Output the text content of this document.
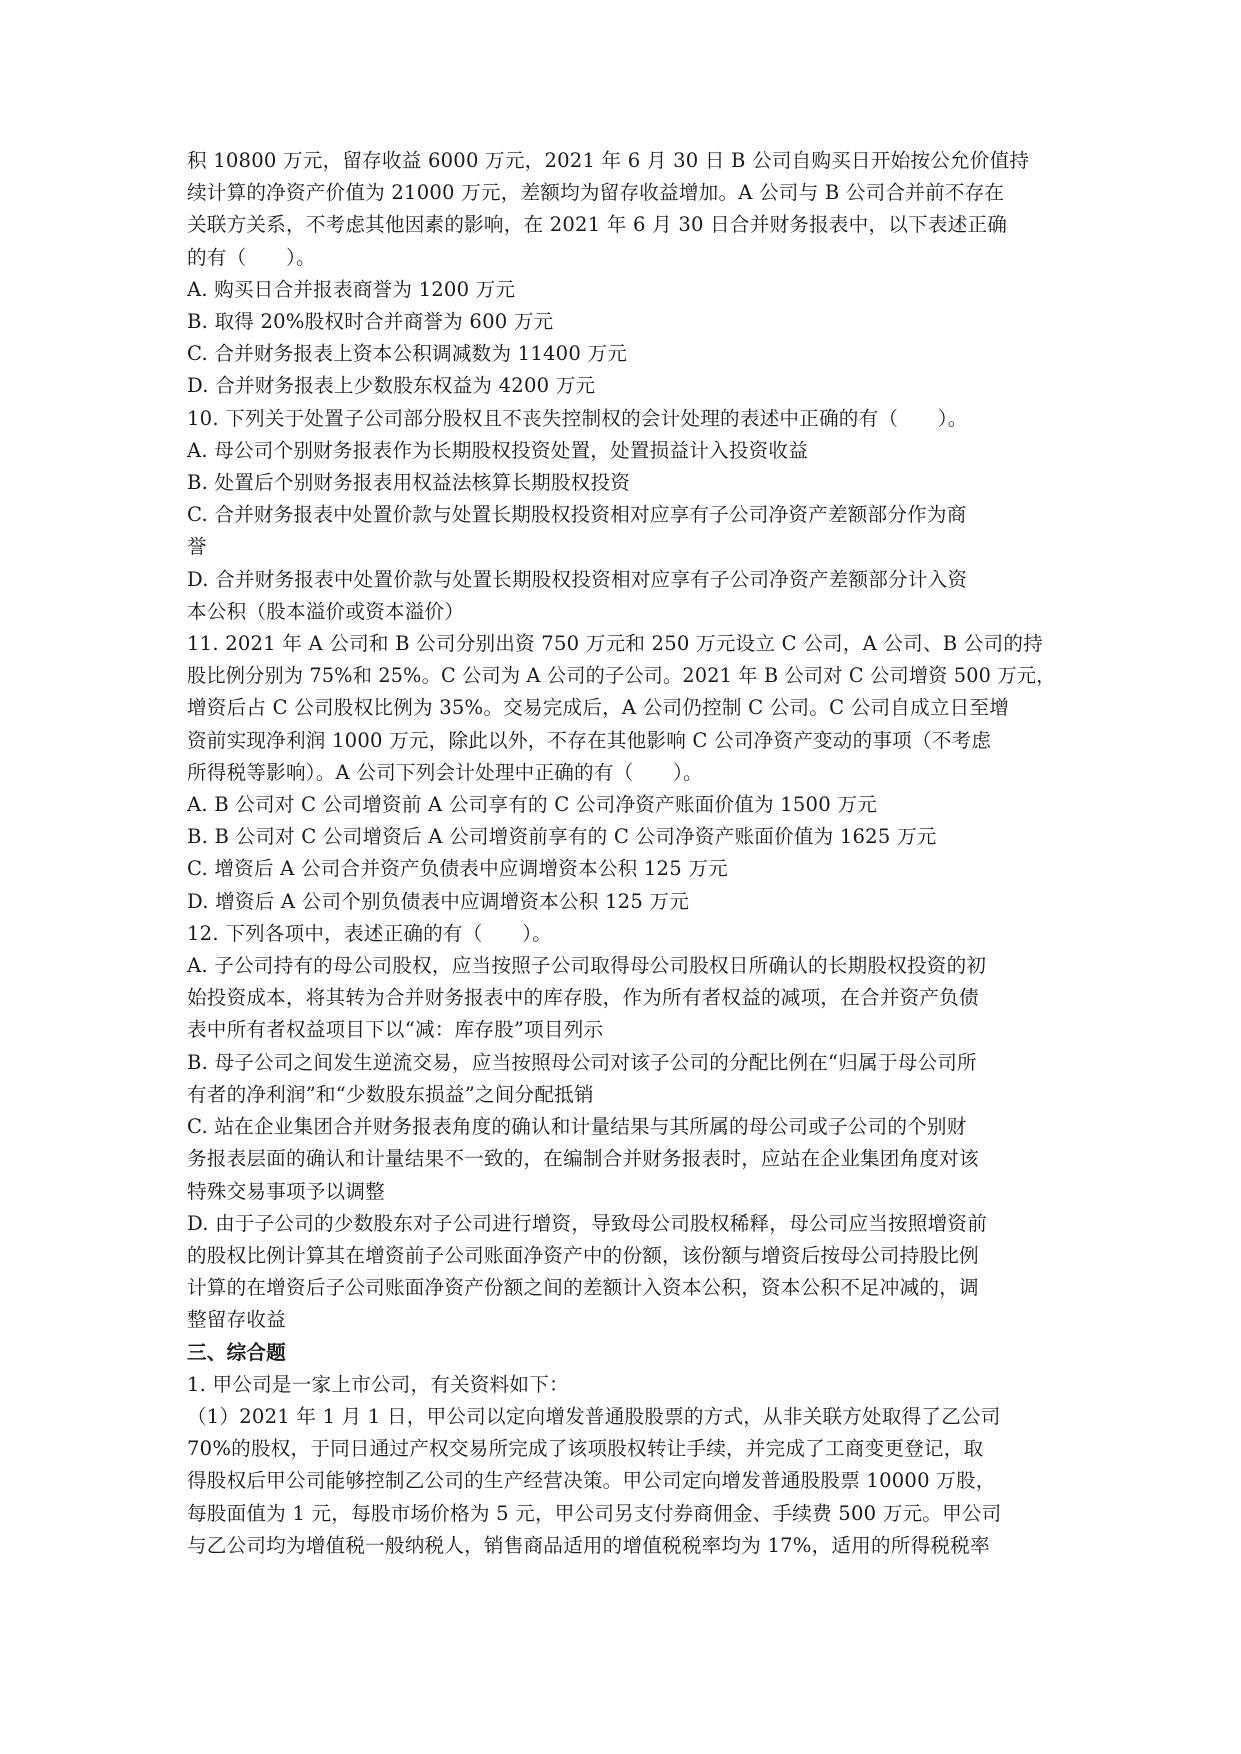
积 10800 万元，留存收益 6000 万元，2021 年 6 月 30 日 B 公司自购买日开始按公允价值持
续计算的净资产价值为 21000 万元，差额均为留存收益增加。A 公司与 B 公司合并前不存在
关联方关系，不考虑其他因素的影响，在 2021 年 6 月 30 日合并财务报表中，以下表述正确
的有（　　）。
A. 购买日合并报表商誉为 1200 万元
B. 取得 20%股权时合并商誉为 600 万元
C. 合并财务报表上资本公积调减数为 11400 万元
D. 合并财务报表上少数股东权益为 4200 万元
10. 下列关于处置子公司部分股权且不丧失控制权的会计处理的表述中正确的有（　　）。
A. 母公司个别财务报表作为长期股权投资处置，处置损益计入投资收益
B. 处置后个别财务报表用权益法核算长期股权投资
C. 合并财务报表中处置价款与处置长期股权投资相对应享有子公司净资产差额部分作为商
誉
D. 合并财务报表中处置价款与处置长期股权投资相对应享有子公司净资产差额部分计入资
本公积（股本溢价或资本溢价）
11. 2021 年 A 公司和 B 公司分别出资 750 万元和 250 万元设立 C 公司，A 公司、B 公司的持
股比例分别为 75%和 25%。C 公司为 A 公司的子公司。2021 年 B 公司对 C 公司增资 500 万元，
增资后占 C 公司股权比例为 35%。交易完成后，A 公司仍控制 C 公司。C 公司自成立日至增
资前实现净利润 1000 万元，除此以外，不存在其他影响 C 公司净资产变动的事项（不考虑
所得税等影响）。A 公司下列会计处理中正确的有（　　）。
A. B 公司对 C 公司增资前 A 公司享有的 C 公司净资产账面价值为 1500 万元
B. B 公司对 C 公司增资后 A 公司增资前享有的 C 公司净资产账面价值为 1625 万元
C. 增资后 A 公司合并资产负债表中应调增资本公积 125 万元
D. 增资后 A 公司个别负债表中应调增资本公积 125 万元
12. 下列各项中，表述正确的有（　　）。
A. 子公司持有的母公司股权，应当按照子公司取得母公司股权日所确认的长期股权投资的初
始投资成本，将其转为合并财务报表中的库存股，作为所有者权益的减项，在合并资产负债
表中所有者权益项目下以“减：库存股”项目列示
B. 母子公司之间发生逆流交易，应当按照母公司对该子公司的分配比例在“归属于母公司所
有者的净利润”和“少数股东损益”之间分配抵销
C. 站在企业集团合并财务报表角度的确认和计量结果与其所属的母公司或子公司的个别财
务报表层面的确认和计量结果不一致的，在编制合并财务报表时，应站在企业集团角度对该
特殊交易事项予以调整
D. 由于子公司的少数股东对子公司进行增资，导致母公司股权稀释，母公司应当按照增资前
的股权比例计算其在增资前子公司账面净资产中的份额，该份额与增资后按母公司持股比例
计算的在增资后子公司账面净资产份额之间的差额计入资本公积，资本公积不足冲减的，调
整留存收益
三、综合题
1. 甲公司是一家上市公司，有关资料如下：
（1）2021 年 1 月 1 日，甲公司以定向增发普通股股票的方式，从非关联方处取得了乙公司
70%的股权，于同日通过产权交易所完成了该项股权转让手续，并完成了工商变更登记，取
得股权后甲公司能够控制乙公司的生产经营决策。甲公司定向增发普通股股票 10000 万股，
每股面值为 1 元，每股市场价格为 5 元，甲公司另支付券商佣金、手续费 500 万元。甲公司
与乙公司均为增值税一般纳税人，销售商品适用的增值税税率均为 17%，适用的所得税税率
